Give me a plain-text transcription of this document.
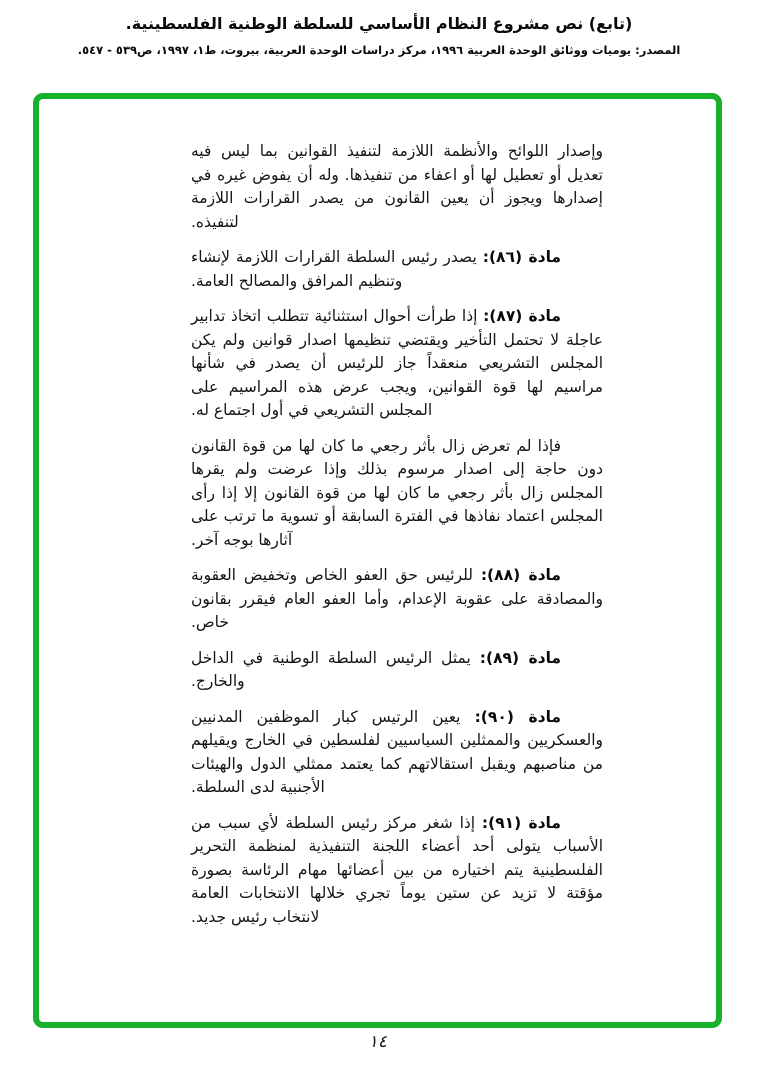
(تابع) نص مشروع النظام الأساسي للسلطة الوطنية الفلسطينية.
المصدر: يوميات ووثائق الوحدة العربية ١٩٩٦، مركز دراسات الوحدة العربية، بيروت، ط١، ١٩٩٧، ص٥٣٩ - ٥٤٧.

وإصدار اللوائح والأنظمة اللازمة لتنفيذ القوانين بما ليس فيه تعديل أو تعطيل لها أو اعفاء من تنفيذها. وله أن يفوض غيره في إصدارها ويجوز أن يعين القانون من يصدر القرارات اللازمة لتنفيذه.

مادة (٨٦): يصدر رئيس السلطة القرارات اللازمة لإنشاء وتنظيم المرافق والمصالح العامة.

مادة (٨٧): إذا طرأت أحوال استثنائية تتطلب اتخاذ تدابير عاجلة لا تحتمل التأخير ويقتضي تنظيمها اصدار قوانين ولم يكن المجلس التشريعي منعقداً جاز للرئيس أن يصدر في شأنها مراسيم لها قوة القوانين، ويجب عرض هذه المراسيم على المجلس التشريعي في أول اجتماع له.

فإذا لم تعرض زال بأثر رجعي ما كان لها من قوة القانون دون حاجة إلى اصدار مرسوم بذلك وإذا عرضت ولم يقرها المجلس زال بأثر رجعي ما كان لها من قوة القانون إلا إذا رأى المجلس اعتماد نفاذها في الفترة السابقة أو تسوية ما ترتب على آثارها بوجه آخر.

مادة (٨٨): للرئيس حق العفو الخاص وتخفيض العقوبة والمصادقة على عقوبة الإعدام، وأما العفو العام فيقرر بقانون خاص.

مادة (٨٩): يمثل الرئيس السلطة الوطنية في الداخل والخارج.

مادة (٩٠): يعين الرتيس كبار الموظفين المدنيين والعسكريين والممثلين السياسيين لفلسطين في الخارج ويقيلهم من مناصبهم ويقبل استقالاتهم كما يعتمد ممثلي الدول والهيئات الأجنبية لدى السلطة.

مادة (٩١): إذا شغر مركز رئيس السلطة لأي سبب من الأسباب يتولى أحد أعضاء اللجنة التنفيذية لمنظمة التحرير الفلسطينية يتم اختياره من بين أعضائها مهام الرئاسة بصورة مؤقتة لا تزيد عن ستين يوماً تجري خلالها الانتخابات العامة لانتخاب رئيس جديد.

١٤
